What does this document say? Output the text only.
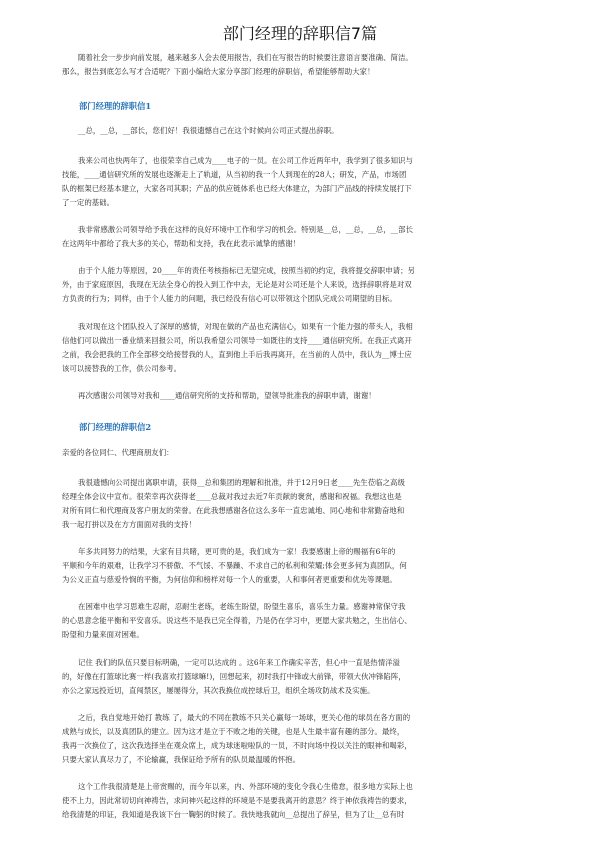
部门经理的辞职信7篇
随着社会一步步向前发展，越来越多人会去使用报告，我们在写报告的时候要注意语言要准确、简洁。
那么，报告到底怎么写才合适呢？下面小编给大家分享部门经理的辞职信，希望能够帮助大家！
部门经理的辞职信1
__总，__总，__部长，您们好！我很遗憾自己在这个时候向公司正式提出辞职。
我来公司也快两年了，也很荣幸自己成为____电子的一员。在公司工作近两年中，我学到了很多知识与
技能，____通信研究所的发展也逐渐走上了轨道，从当初的我一个人到现在的28人；研发，产品，市场团
队的框架已经基本建立，大家各司其职；产品的供应链体系也已经大体建立，为部门产品线的持续发展打下
了一定的基础。
我非常感激公司领导给予我在这样的良好环境中工作和学习的机会。特别是__总，__总，__总，__部长
在这两年中都给了我大多的关心，帮助和支持，我在此表示诚挚的感谢！
由于个人能力等原因，20____年的责任考核指标已无望完成，按照当初的约定，我将提交辞职申请；另
外，由于家庭原因，我现在无法全身心的投入到工作中去，无论是对公司还是个人来说，选择辞职将是对双
方负责的行为；同样，由于个人能力的问题，我已经没有信心可以带领这个团队完成公司期望的目标。
我对现在这个团队投入了深厚的感情，对现在做的产品也充满信心，如果有一个能力强的带头人，我相
信他们可以做出一番业绩来回报公司，所以我希望公司领导一如既往的支持____通信研究所。在我正式离开
之前，我会把我的工作全部移交给接替我的人，直到他上手后我再离开，在当前的人员中，我认为__博士应
该可以接替我的工作，供公司参考。
再次感谢公司领导对我和____通信研究所的支持和帮助，望领导批准我的辞职申请，谢谢！
部门经理的辞职信2
亲爱的各位同仁、代理商朋友们：
我很遗憾向公司提出离职申请，获得__总和集团的理解和批准，并于12月9日老____先生莅临之高级
经理全体会议中宣布。很荣幸再次获得老____总裁对我过去近7年贡献的褒赏，感谢和祝福。我想这也是
对所有同仁和代理商及客户朋友的荣誉。在此我想感谢各位这么多年一直忠诚地、同心地和非常勤奋地和
我一起打拼以及在方方面面对我的支持！
年多共同努力的结果，大家有目共睹，更可贵的是，我们成为一家！我要感谢上帝的赐福有6年的
平顺和今年的艰难，让我学习不骄傲、不气馁、不暴躁、不求自己的私利和荣耀;体会更多何为真团队，何
为公义正直与慈爱怜悯的平衡，为何信仰和榜样对每一个人的重要，人和事何者更重要和优先等课题。
在困难中也学习思难生忍耐，忍耐生老练，老练生盼望，盼望生喜乐，喜乐生力量。感谢神常保守我
的心思意念能平衡和平安喜乐。说这些不是我已完全得着，乃是仍在学习中，更愿大家共勉之，生出信心、
盼望和力量来面对困难。
记住 我们的队伍只要目标明确，一定可以达成的 。这6年来工作确实辛苦，但心中一直是热情洋溢
的，好像在打篮球比赛一样(我喜欢打篮球嘛!)，回想起来，初时我打中锋或大前锋，带领大伙冲锋陷阵，
亦公之家远投近切，直闯禁区，屡屡得分，其次我换位成控球后卫，组织全场攻防战术及实施。
之后，我自觉地开始打 教练 了，最大的不同在教练不只关心赢每一场球，更关心他的球员在各方面的
成熟与成长，以及真团队的建立。因为这才是立于不败之地的关键，也是人生最丰富有趣的部分。最终，
我再一次换位了，这次我选择坐在观众席上，成为球迷啦啦队的一员，不时向场中投以关注的眼神和喝彩，
只要大家认真尽力了，不论输赢，我保证给予所有的队员最温暖的怀抱。
这个工作我很清楚是上帝赏赐的，而今年以来，内、外部环境的变化令我心生倦怠，很多地方实际上也
使不上力，因此常切切向神祷告，求问神兴起这样的环境是不是要我离开的意思？终于神依我祷告的要求，
给我清楚的印证，我知道是我该下台一鞠躬的时候了。我快地我就向__总提出了辞呈，但为了让__总有时
